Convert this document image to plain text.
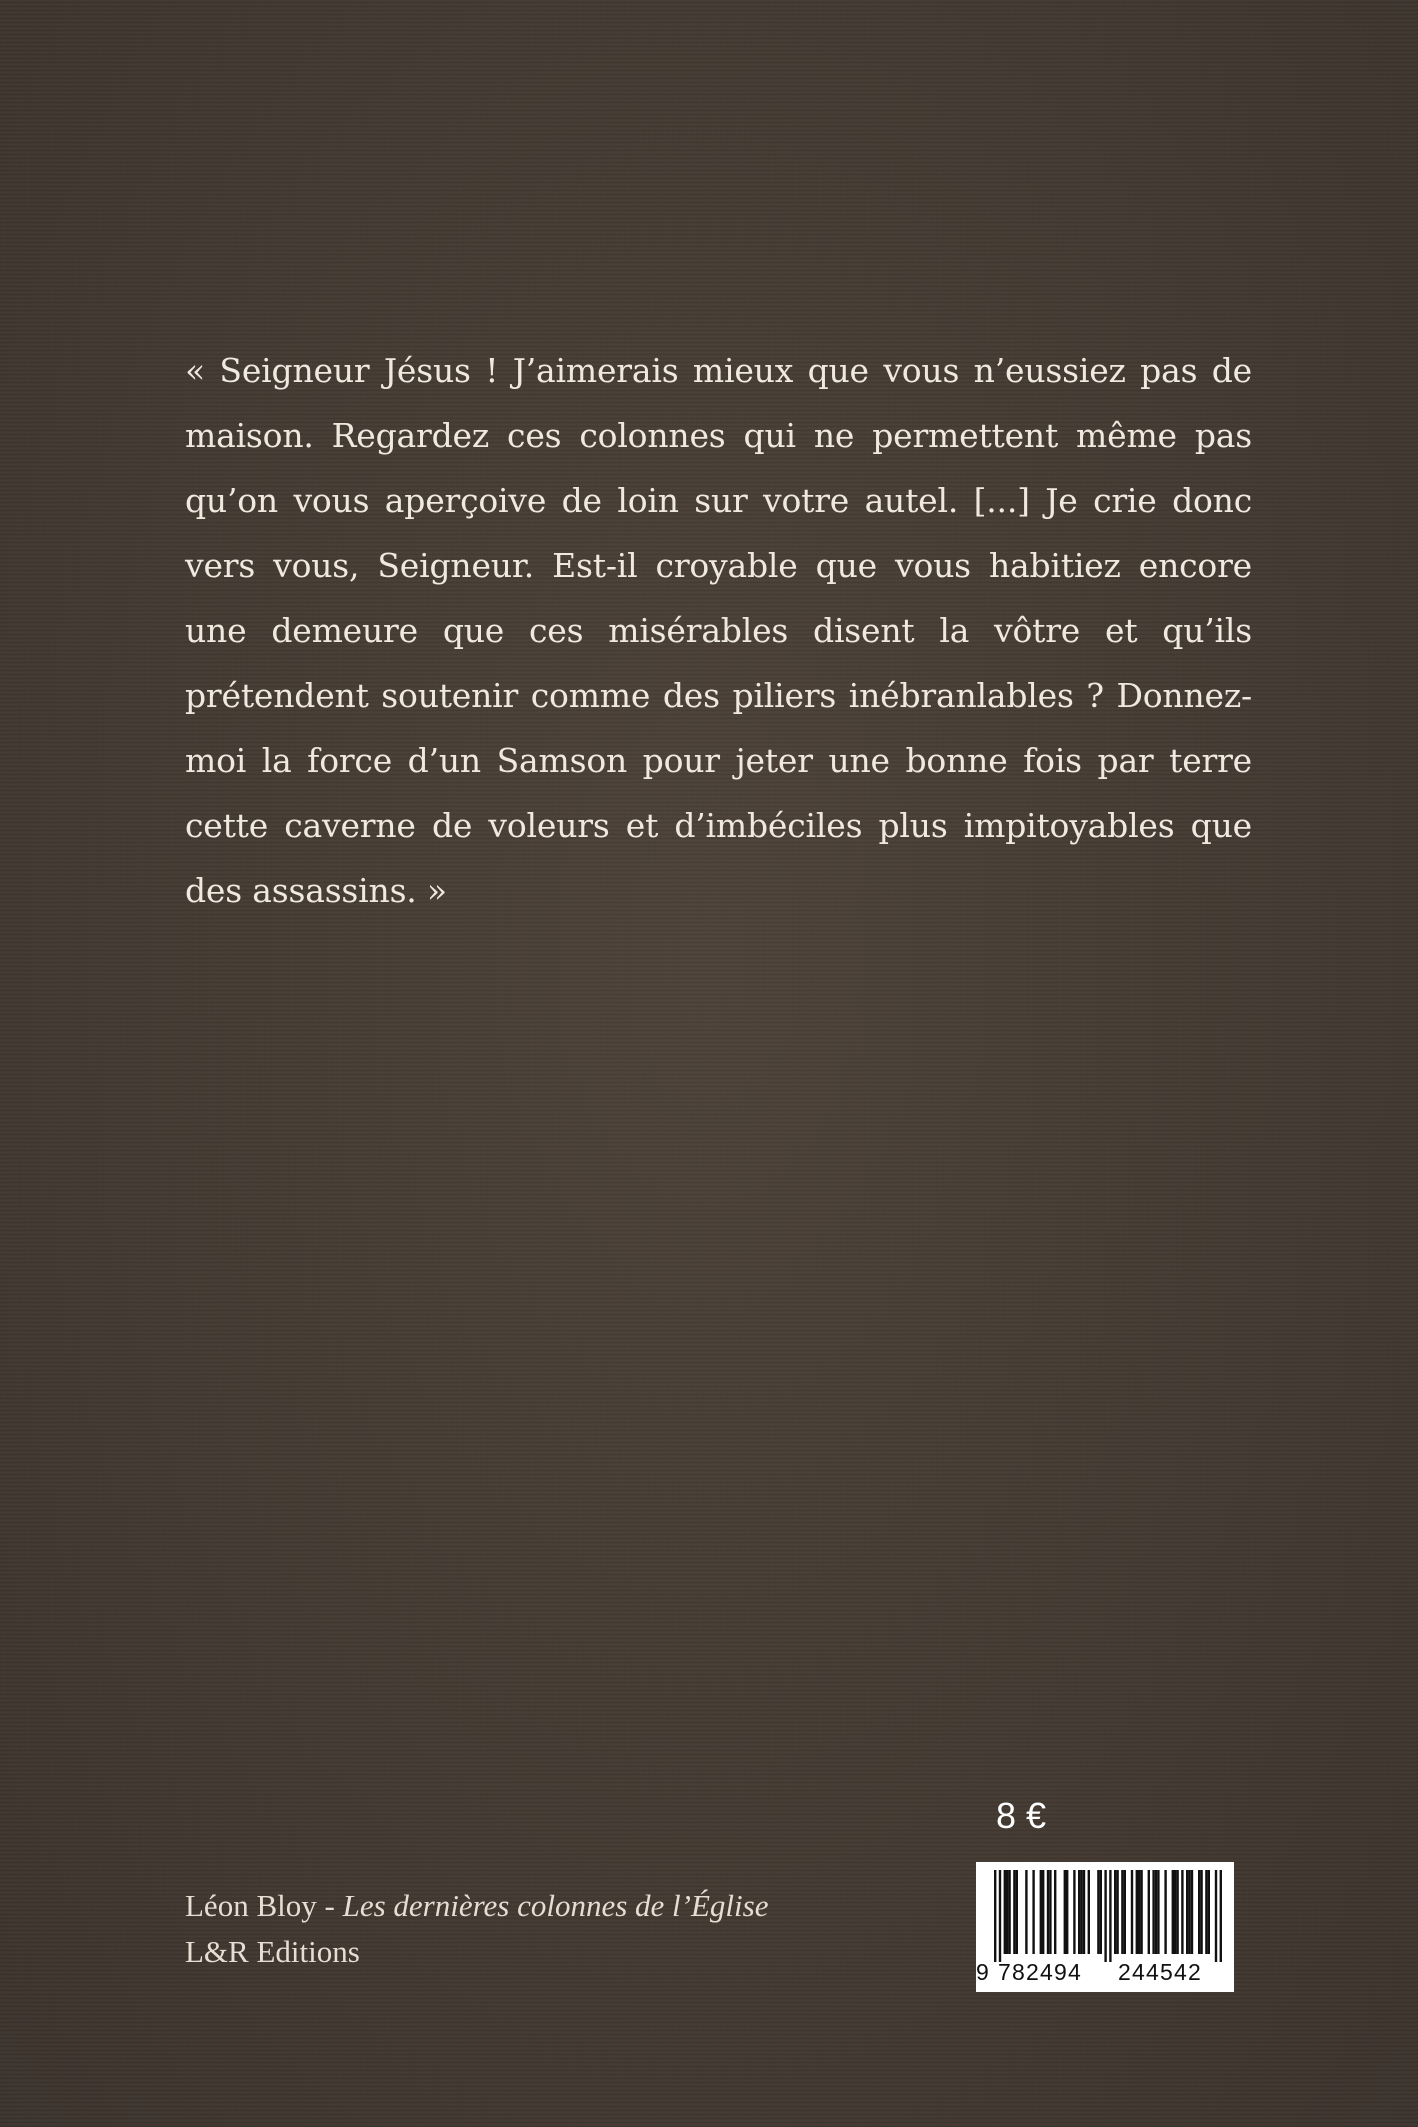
« Seigneur Jésus ! J’aimerais mieux que vous n’eussiez pas de maison. Regardez ces colonnes qui ne permettent même pas qu’on vous aperçoive de loin sur votre autel. [...] Je crie donc vers vous, Seigneur. Est-il croyable que vous habitiez encore une demeure que ces misérables disent la vôtre et qu’ils prétendent soutenir comme des piliers inébranlables ? Donnez-moi la force d’un Samson pour jeter une bonne fois par terre cette caverne de voleurs et d’imbéciles plus impitoyables que des assassins. »

Léon Bloy - Les dernières colonnes de l’Église
L&R Editions
8 €
9 782494 244542
